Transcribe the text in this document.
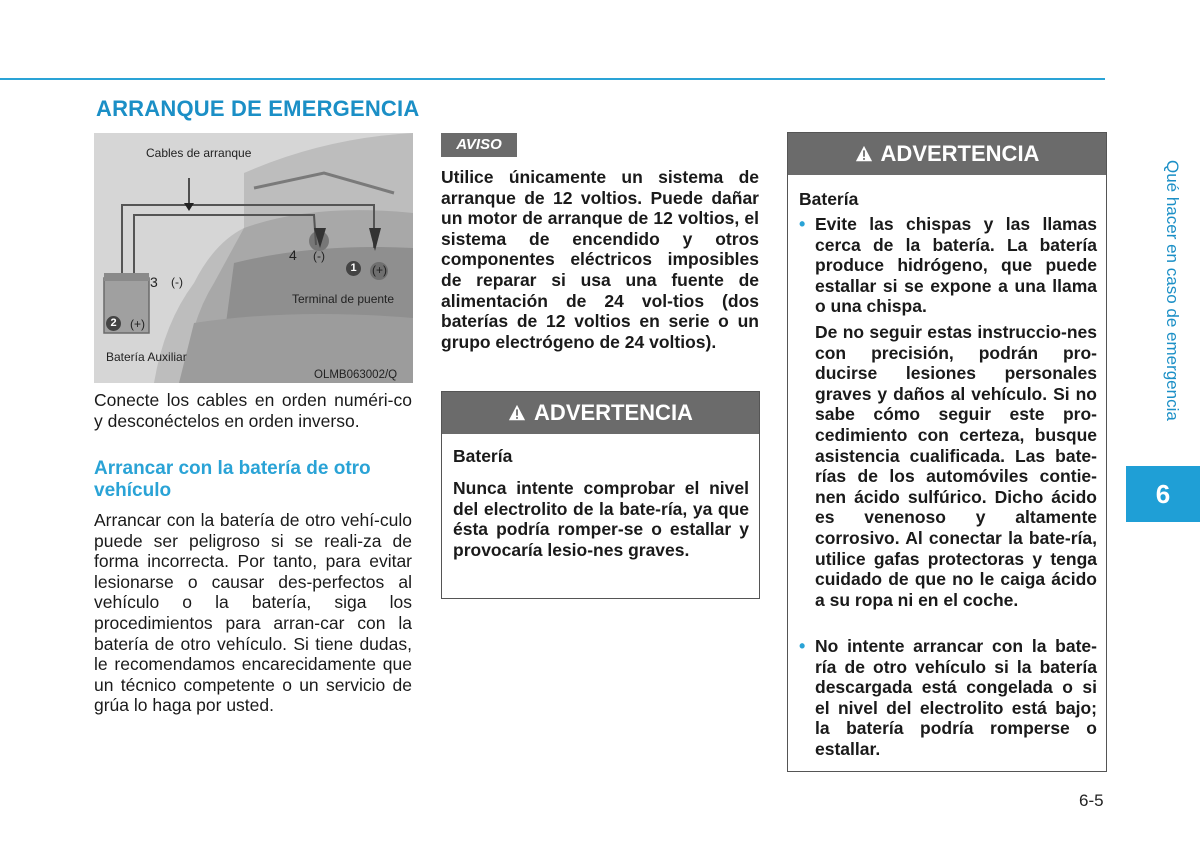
ARRANQUE DE EMERGENCIA
Cables de arranque
Terminal de puente
Batería Auxiliar
OLMB063002/Q
1	(+)
2	(+)
3 (-)
4 (-)

Conecte los cables en orden numéri-co y desconéctelos en orden inverso.

Arrancar con la batería de otro vehículo

Arrancar con la batería de otro vehí-culo puede ser peligroso si se reali-za de forma incorrecta. Por tanto, para evitar lesionarse o causar des-perfectos al vehículo o la batería, siga los procedimientos para arran-car con la batería de otro vehículo. Si tiene dudas, le recomendamos encarecidamente que un técnico competente o un servicio de grúa lo haga por usted.

AVISO

Utilice únicamente un sistema de arranque de 12 voltios. Puede dañar un motor de arranque de 12 voltios, el sistema de encendido y otros componentes eléctricos imposibles de reparar si usa una fuente de alimentación de 24 vol-tios (dos baterías de 12 voltios en serie o un grupo electrógeno de 24 voltios).

ADVERTENCIA
Batería

Nunca intente comprobar el nivel del electrolito de la bate-ría, ya que ésta podría romper-se o estallar y provocaría lesio-nes graves.

ADVERTENCIA
Batería
• Evite las chispas y las llamas cerca de la batería. La batería produce hidrógeno, que puede estallar si se expone a una llama o una chispa.

De no seguir estas instruccio-nes con precisión, podrán pro-ducirse lesiones personales graves y daños al vehículo. Si no sabe cómo seguir este pro-cedimiento con certeza, busque asistencia cualificada. Las bate-rías de los automóviles contie-nen ácido sulfúrico. Dicho ácido es venenoso y altamente corrosivo. Al conectar la bate-ría, utilice gafas protectoras y tenga cuidado de que no le caiga ácido a su ropa ni en el coche.

• No intente arrancar con la bate-ría de otro vehículo si la batería descargada está congelada o si el nivel del electrolito está bajo; la batería podría romperse o estallar.

Qué hacer en caso de emergencia
6
6-5
